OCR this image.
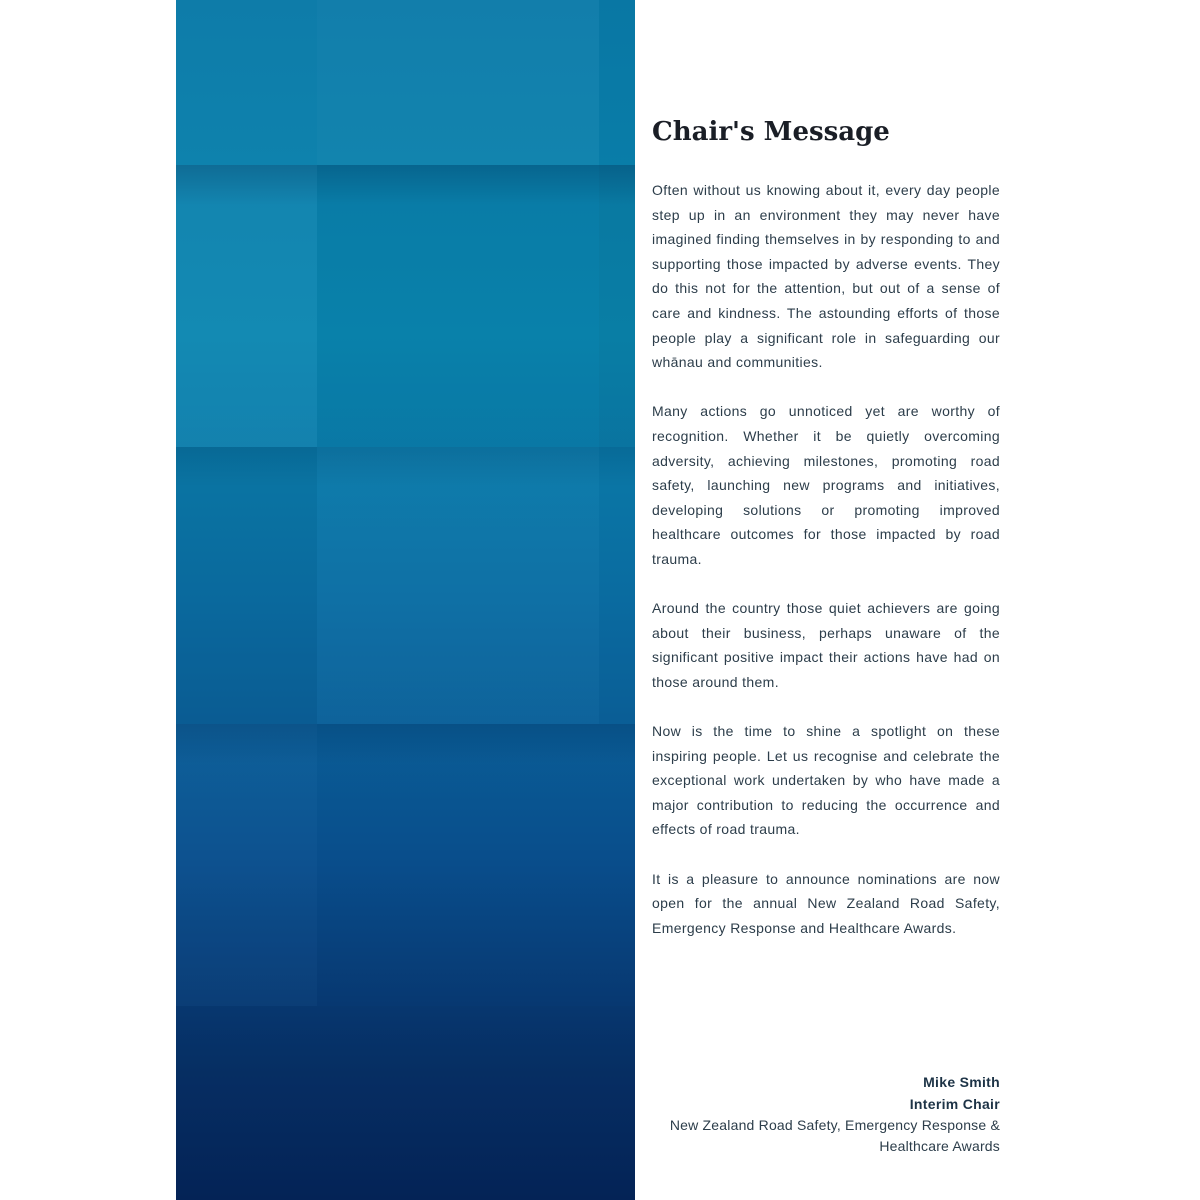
Chair's Message

Often without us knowing about it, every day people step up in an environment they may never have imagined finding themselves in by responding to and supporting those impacted by adverse events. They do this not for the attention, but out of a sense of care and kindness. The astounding efforts of those people play a significant role in safeguarding our whānau and communities.

Many actions go unnoticed yet are worthy of recognition. Whether it be quietly overcoming adversity, achieving milestones, promoting road safety, launching new programs and initiatives, developing solutions or promoting improved healthcare outcomes for those impacted by road trauma.

Around the country those quiet achievers are going about their business, perhaps unaware of the significant positive impact their actions have had on those around them.

Now is the time to shine a spotlight on these inspiring people. Let us recognise and celebrate the exceptional work undertaken by who have made a major contribution to reducing the occurrence and effects of road trauma.

It is a pleasure to announce nominations are now open for the annual New Zealand Road Safety, Emergency Response and Healthcare Awards.

Mike Smith
Interim Chair
New Zealand Road Safety, Emergency Response & Healthcare Awards
